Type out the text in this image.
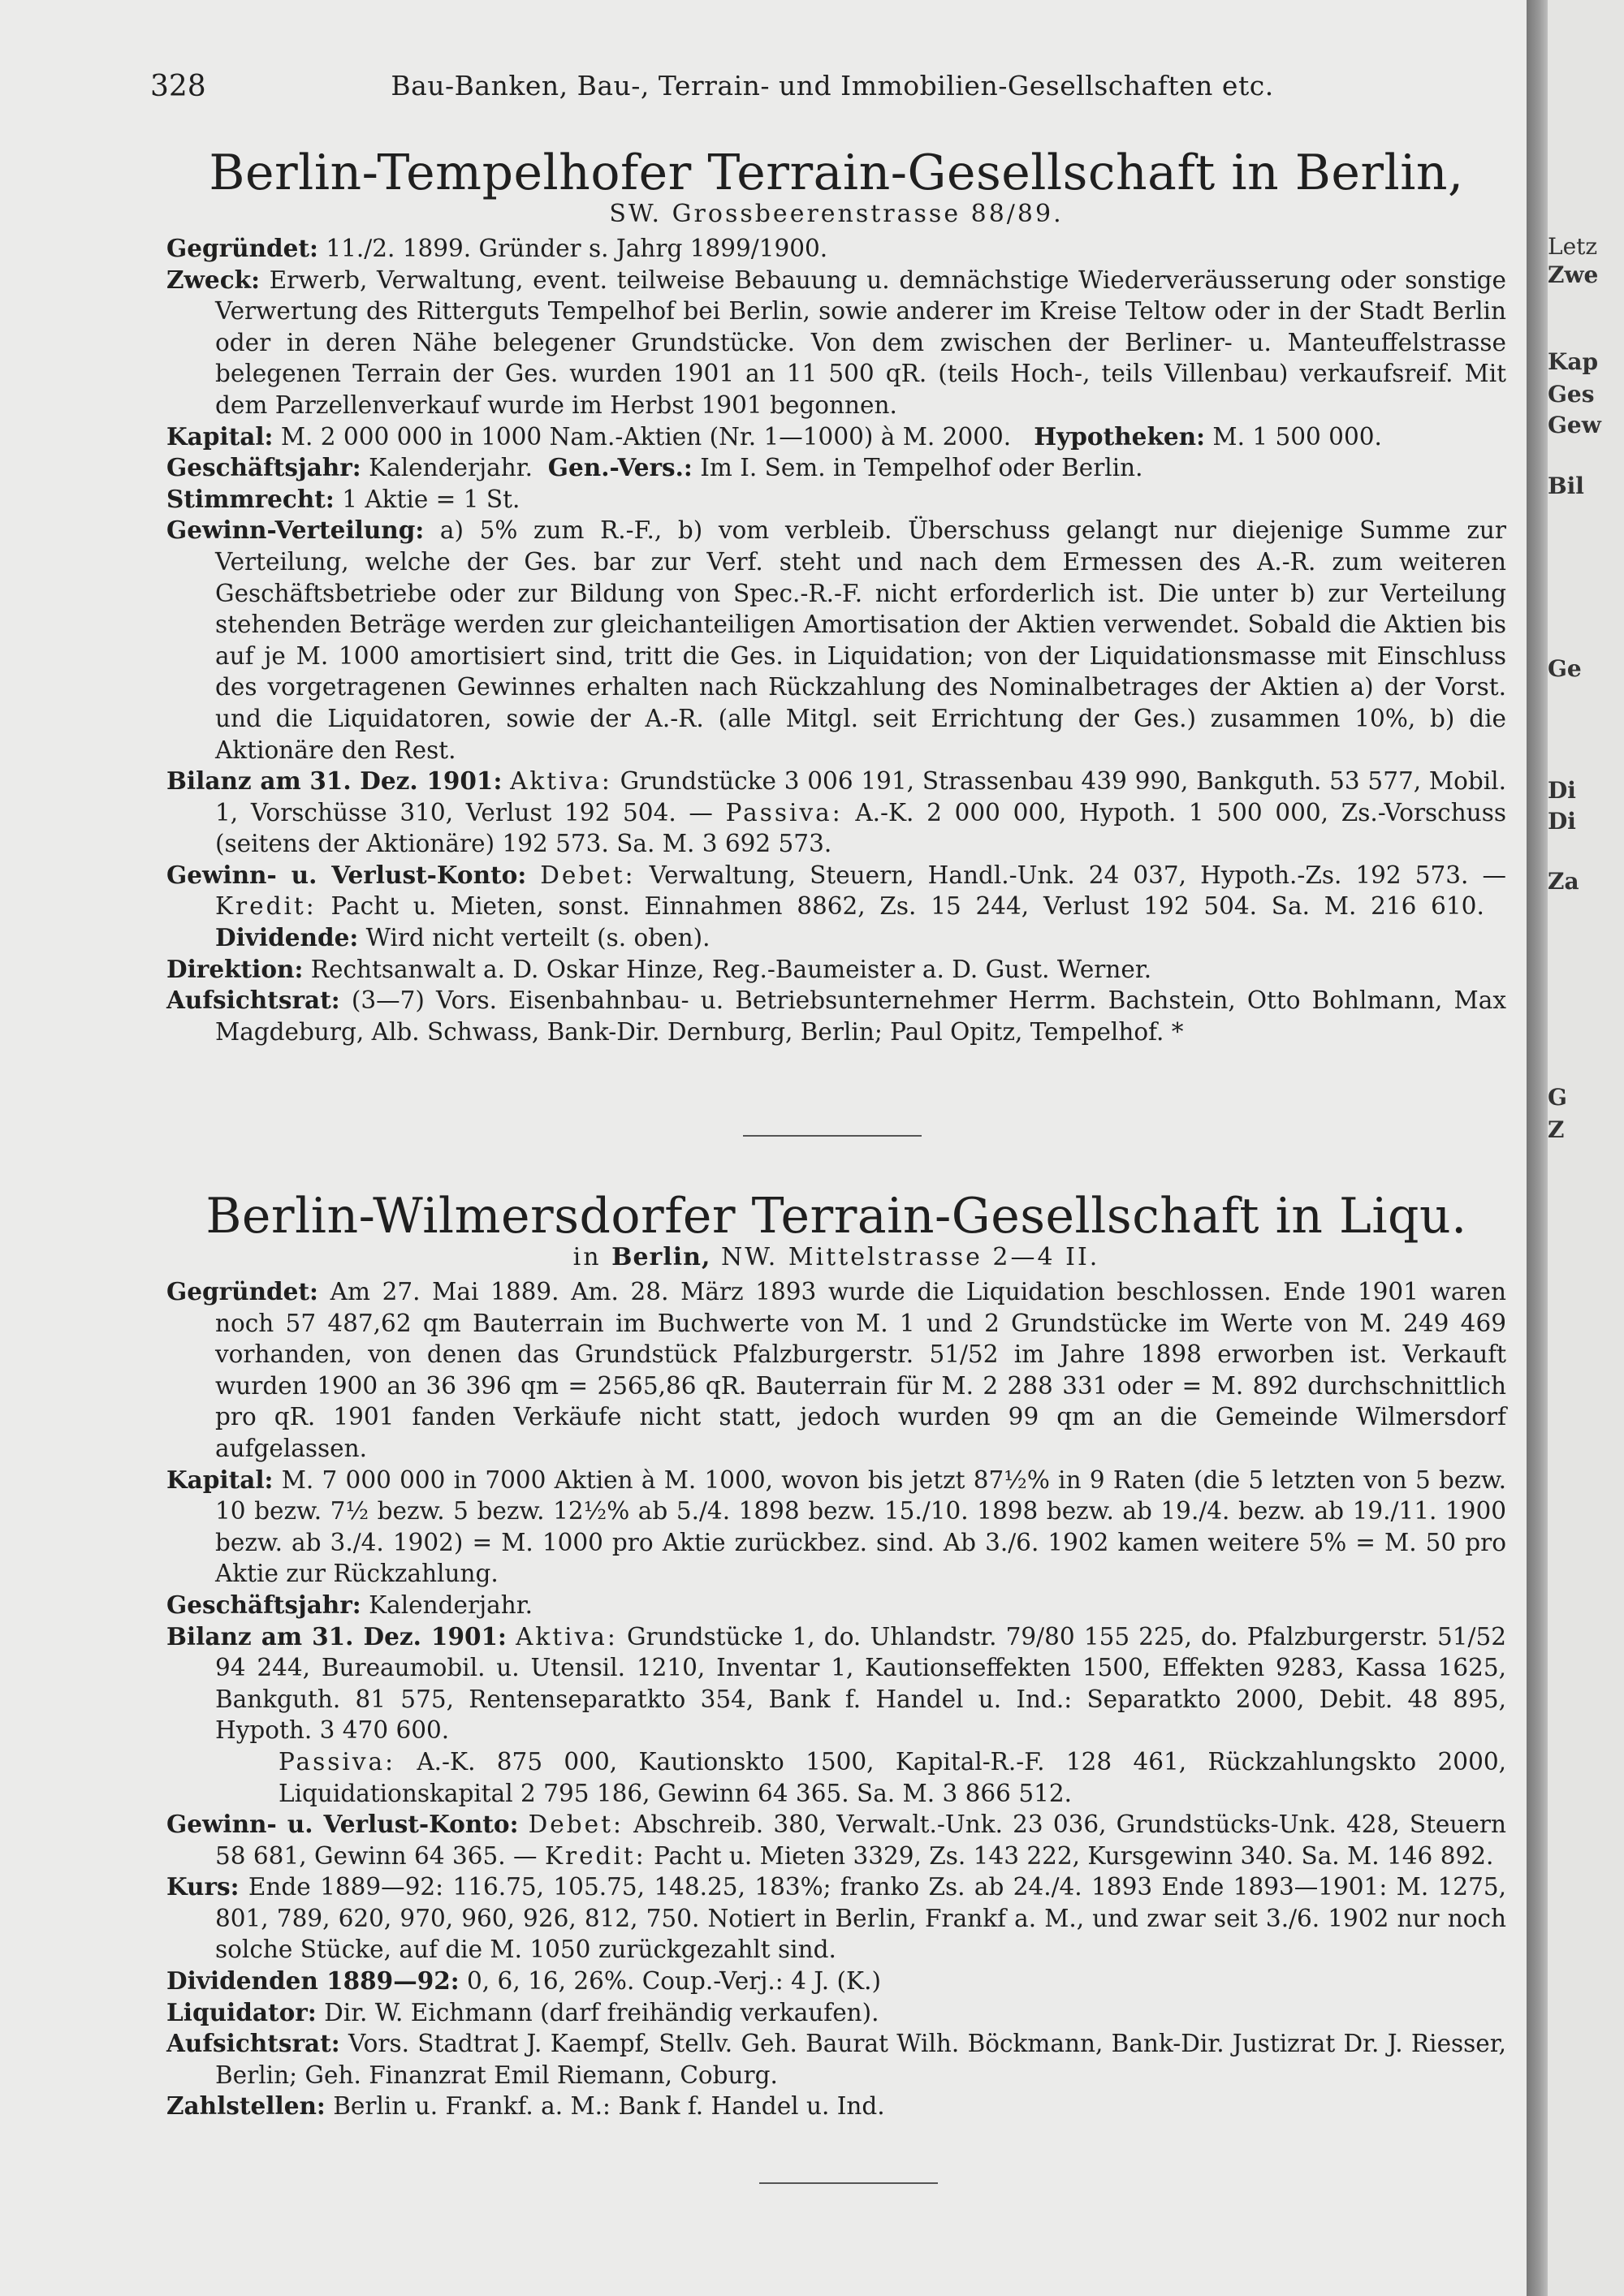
328	Bau-Banken, Bau-, Terrain- und Immobilien-Gesellschaften etc.
Berlin-Tempelhofer Terrain-Gesellschaft in Berlin,
SW. Grossbeerenstrasse 88/89.

Gegründet: 11./2. 1899. Gründer s. Jahrg 1899/1900.

Zweck: Erwerb, Verwaltung, event. teilweise Bebauung u. demnächstige Wiederveräusserung oder sonstige Verwertung des Ritterguts Tempelhof bei Berlin, sowie anderer im Kreise Teltow oder in der Stadt Berlin oder in deren Nähe belegener Grundstücke. Von dem zwischen der Berliner- u. Manteuffelstrasse belegenen Terrain der Ges. wurden 1901 an 11 500 qR. (teils Hoch-, teils Villenbau) verkaufsreif. Mit dem Parzellenverkauf wurde im Herbst 1901 begonnen.

Kapital: M. 2 000 000 in 1000 Nam.-Aktien (Nr. 1—1000) à M. 2000. Hypotheken: M. 1 500 000.

Geschäftsjahr: Kalenderjahr. Gen.-Vers.: Im I. Sem. in Tempelhof oder Berlin.

Stimmrecht: 1 Aktie = 1 St.

Gewinn-Verteilung: a) 5% zum R.-F., b) vom verbleib. Überschuss gelangt nur diejenige Summe zur Verteilung, welche der Ges. bar zur Verf. steht und nach dem Ermessen des A.-R. zum weiteren Geschäftsbetriebe oder zur Bildung von Spec.-R.-F. nicht erforderlich ist. Die unter b) zur Verteilung stehenden Beträge werden zur gleichanteiligen Amortisation der Aktien verwendet. Sobald die Aktien bis auf je M. 1000 amortisiert sind, tritt die Ges. in Liquidation; von der Liquidationsmasse mit Einschluss des vorgetragenen Gewinnes erhalten nach Rückzahlung des Nominalbetrages der Aktien a) der Vorst. und die Liquidatoren, sowie der A.-R. (alle Mitgl. seit Errichtung der Ges.) zusammen 10%, b) die Aktionäre den Rest.

Bilanz am 31. Dez. 1901: Aktiva: Grundstücke 3 006 191, Strassenbau 439 990, Bankguth. 53 577, Mobil. 1, Vorschüsse 310, Verlust 192 504. — Passiva: A.-K. 2 000 000, Hypoth. 1 500 000, Zs.-Vorschuss (seitens der Aktionäre) 192 573. Sa. M. 3 692 573.

Gewinn- u. Verlust-Konto: Debet: Verwaltung, Steuern, Handl.-Unk. 24 037, Hypoth.-Zs. 192 573. — Kredit: Pacht u. Mieten, sonst. Einnahmen 8862, Zs. 15 244, Verlust 192 504. Sa. M. 216 610.   Dividende: Wird nicht verteilt (s. oben).

Direktion: Rechtsanwalt a. D. Oskar Hinze, Reg.-Baumeister a. D. Gust. Werner.

Aufsichtsrat: (3—7) Vors. Eisenbahnbau- u. Betriebsunternehmer Herrm. Bachstein, Otto Bohlmann, Max Magdeburg, Alb. Schwass, Bank-Dir. Dernburg, Berlin; Paul Opitz, Tempelhof. *

Berlin-Wilmersdorfer Terrain-Gesellschaft in Liqu.
in Berlin, NW. Mittelstrasse 2—4 II.

Gegründet: Am 27. Mai 1889. Am. 28. März 1893 wurde die Liquidation beschlossen. Ende 1901 waren noch 57 487,62 qm Bauterrain im Buchwerte von M. 1 und 2 Grundstücke im Werte von M. 249 469 vorhanden, von denen das Grundstück Pfalzburgerstr. 51/52 im Jahre 1898 erworben ist. Verkauft wurden 1900 an 36 396 qm = 2565,86 qR. Bauterrain für M. 2 288 331 oder = M. 892 durchschnittlich pro qR. 1901 fanden Verkäufe nicht statt, jedoch wurden 99 qm an die Gemeinde Wilmersdorf aufgelassen.

Kapital: M. 7 000 000 in 7000 Aktien à M. 1000, wovon bis jetzt 87½% in 9 Raten (die 5 letzten von 5 bezw. 10 bezw. 7½ bezw. 5 bezw. 12½% ab 5./4. 1898 bezw. 15./10. 1898 bezw. ab 19./4. bezw. ab 19./11. 1900 bezw. ab 3./4. 1902) = M. 1000 pro Aktie zurückbez. sind. Ab 3./6. 1902 kamen weitere 5% = M. 50 pro Aktie zur Rückzahlung.

Geschäftsjahr: Kalenderjahr.

Bilanz am 31. Dez. 1901: Aktiva: Grundstücke 1, do. Uhlandstr. 79/80 155 225, do. Pfalzburgerstr. 51/52 94 244, Bureaumobil. u. Utensil. 1210, Inventar 1, Kautionseffekten 1500, Effekten 9283, Kassa 1625, Bankguth. 81 575, Rentenseparatkto 354, Bank f. Handel u. Ind.: Separatkto 2000, Debit. 48 895, Hypoth. 3 470 600.
Passiva: A.-K. 875 000, Kautionskto 1500, Kapital-R.-F. 128 461, Rückzahlungskto 2000, Liquidationskapital 2 795 186, Gewinn 64 365. Sa. M. 3 866 512.

Gewinn- u. Verlust-Konto: Debet: Abschreib. 380, Verwalt.-Unk. 23 036, Grundstücks-Unk. 428, Steuern 58 681, Gewinn 64 365. — Kredit: Pacht u. Mieten 3329, Zs. 143 222, Kursgewinn 340. Sa. M. 146 892.

Kurs: Ende 1889—92: 116.75, 105.75, 148.25, 183%; franko Zs. ab 24./4. 1893 Ende 1893—1901: M. 1275, 801, 789, 620, 970, 960, 926, 812, 750. Notiert in Berlin, Frankf a. M., und zwar seit 3./6. 1902 nur noch solche Stücke, auf die M. 1050 zurückgezahlt sind.

Dividenden 1889—92: 0, 6, 16, 26%. Coup.-Verj.: 4 J. (K.)

Liquidator: Dir. W. Eichmann (darf freihändig verkaufen).

Aufsichtsrat: Vors. Stadtrat J. Kaempf, Stellv. Geh. Baurat Wilh. Böckmann, Bank-Dir. Justizrat Dr. J. Riesser, Berlin; Geh. Finanzrat Emil Riemann, Coburg.

Zahlstellen: Berlin u. Frankf. a. M.: Bank f. Handel u. Ind.

Letz
Zwe
Kap
Ges
Gew
Bil
Ge
Di
Di
Za
G
Z
